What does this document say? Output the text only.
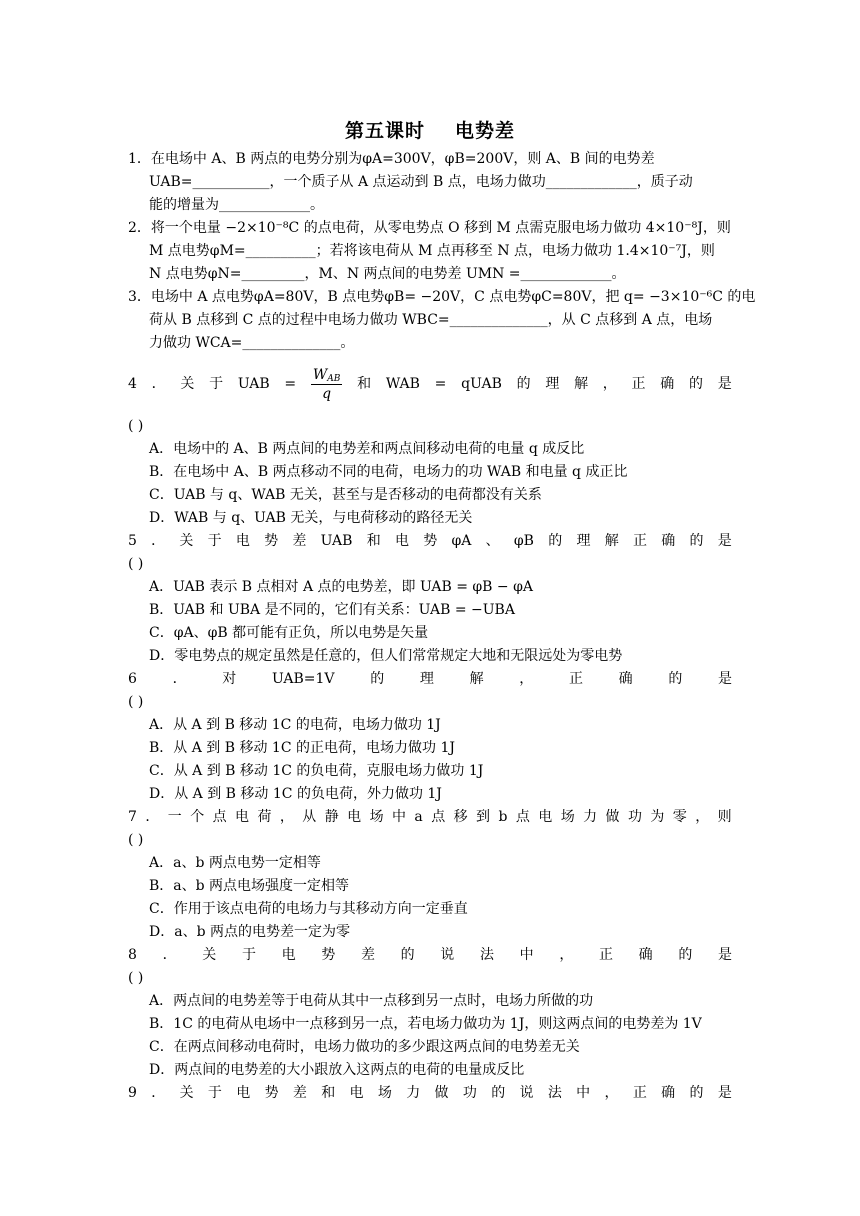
第五课时 电势差
1．在电场中 A、B 两点的电势分别为φA=300V，φB=200V，则 A、B 间的电势差
UAB=___________，一个质子从 A 点运动到 B 点，电场力做功_____________，质子动
能的增量为_____________。
2．将一个电量 −2×10⁻⁸C 的点电荷，从零电势点 O 移到 M 点需克服电场力做功 4×10⁻⁸J，则
M 点电势φM=__________；若将该电荷从 M 点再移至 N 点，电场力做功 1.4×10⁻⁷J，则
N 点电势φN=_________，M、N 两点间的电势差 UMN =_____________。
3．电场中 A 点电势φA=80V，B 点电势φB= −20V，C 点电势φC=80V，把 q= −3×10⁻⁶C 的电
荷从 B 点移到 C 点的过程中电场力做功 WBC=______________，从 C 点移到 A 点，电场
力做功 WCA=______________。
4 ． 关 于 UAB = $\frac{W_{AB}}{q}$ 和 WAB = qUAB 的 理 解 ， 正 确 的 是
( )
A．电场中的 A、B 两点间的电势差和两点间移动电荷的电量 q 成反比
B．在电场中 A、B 两点移动不同的电荷，电场力的功 WAB 和电量 q 成正比
C．UAB 与 q、WAB 无关，甚至与是否移动的电荷都没有关系
D．WAB 与 q、UAB 无关，与电荷移动的路径无关
5 ． 关 于 电 势 差 UAB 和 电 势 φA 、 φB 的 理 解 正 确 的 是
( )
A．UAB 表示 B 点相对 A 点的电势差，即 UAB = φB − φA
B．UAB 和 UBA 是不同的，它们有关系：UAB = −UBA
C．φA、φB 都可能有正负，所以电势是矢量
D．零电势点的规定虽然是任意的，但人们常常规定大地和无限远处为零电势
6	．	对	UAB=1V	的	理	解	，	正	确	的	是
( )
A．从 A 到 B 移动 1C 的电荷，电场力做功 1J
B．从 A 到 B 移动 1C 的正电荷，电场力做功 1J
C．从 A 到 B 移动 1C 的负电荷，克服电场力做功 1J
D．从 A 到 B 移动 1C 的负电荷，外力做功 1J
7 ． 一 个 点 电 荷 ， 从 静 电 场 中 a 点 移 到 b 点 电 场 力 做 功 为 零 ， 则
( )
A．a、b 两点电势一定相等
B．a、b 两点电场强度一定相等
C．作用于该点电荷的电场力与其移动方向一定垂直
D．a、b 两点的电势差一定为零
8 ． 关 于 电 势 差 的 说 法 中 ， 正 确 的 是
( )
A．两点间的电势差等于电荷从其中一点移到另一点时，电场力所做的功
B．1C 的电荷从电场中一点移到另一点，若电场力做功为 1J，则这两点间的电势差为 1V
C．在两点间移动电荷时，电场力做功的多少跟这两点间的电势差无关
D．两点间的电势差的大小跟放入这两点的电荷的电量成反比
9 ． 关 于 电 势 差 和 电 场 力 做 功 的 说 法 中 ， 正 确 的 是
